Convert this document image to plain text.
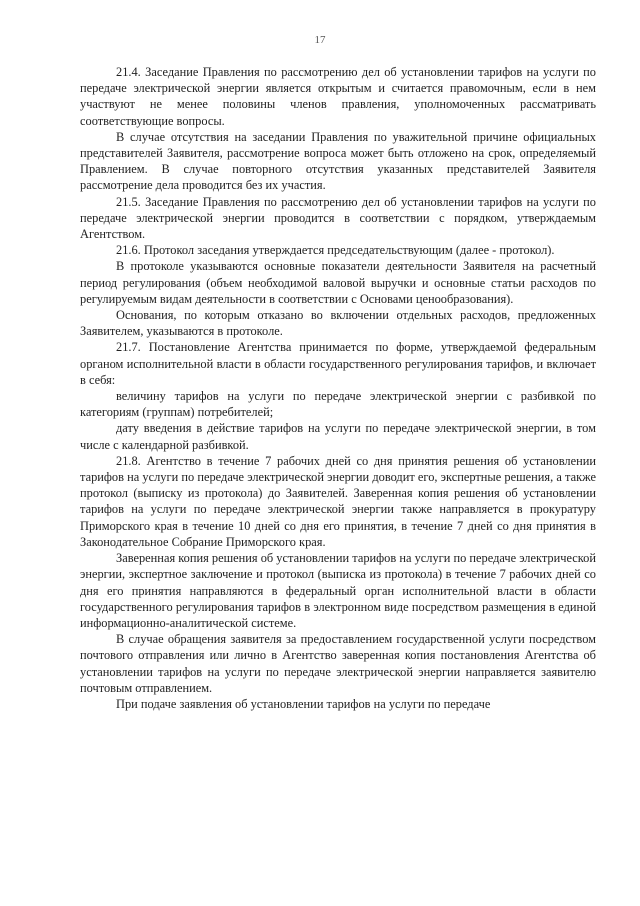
17

21.4. Заседание Правления по рассмотрению дел об установлении тарифов на услуги по передаче электрической энергии является открытым и считается правомочным, если в нем участвуют не менее половины членов правления, уполномоченных рассматривать соответствующие вопросы.

В случае отсутствия на заседании Правления по уважительной причине официальных представителей Заявителя, рассмотрение вопроса может быть отложено на срок, определяемый Правлением. В случае повторного отсутствия указанных представителей Заявителя рассмотрение дела проводится без их участия.

21.5. Заседание Правления по рассмотрению дел об установлении тарифов на услуги по передаче электрической энергии проводится в соответствии с порядком, утверждаемым Агентством.

21.6. Протокол заседания утверждается председательствующим (далее - протокол).

В протоколе указываются основные показатели деятельности Заявителя на расчетный период регулирования (объем необходимой валовой выручки и основные статьи расходов по регулируемым видам деятельности в соответствии с Основами ценообразования).

Основания, по которым отказано во включении отдельных расходов, предложенных Заявителем, указываются в протоколе.

21.7. Постановление Агентства принимается по форме, утверждаемой федеральным органом исполнительной власти в области государственного регулирования тарифов, и включает в себя:

величину тарифов на услуги по передаче электрической энергии с разбивкой по категориям (группам) потребителей;

дату введения в действие тарифов на услуги по передаче электрической энергии, в том числе с календарной разбивкой.

21.8. Агентство в течение 7 рабочих дней со дня принятия решения об установлении тарифов на услуги по передаче электрической энергии доводит его, экспертные решения, а также протокол (выписку из протокола) до Заявителей. Заверенная копия решения об установлении тарифов на услуги по передаче электрической энергии также направляется в прокуратуру Приморского края в течение 10 дней со дня его принятия, в течение 7 дней со дня принятия в Законодательное Собрание Приморского края.

Заверенная копия решения об установлении тарифов на услуги по передаче электрической энергии, экспертное заключение и протокол (выписка из протокола) в течение 7 рабочих дней со дня его принятия направляются в федеральный орган исполнительной власти в области государственного регулирования тарифов в электронном виде посредством размещения в единой информационно-аналитической системе.

В случае обращения заявителя за предоставлением государственной услуги посредством почтового отправления или лично в Агентство заверенная копия постановления Агентства об установлении тарифов на услуги по передаче электрической энергии направляется заявителю почтовым отправлением.

При подаче заявления об установлении тарифов на услуги по передаче
